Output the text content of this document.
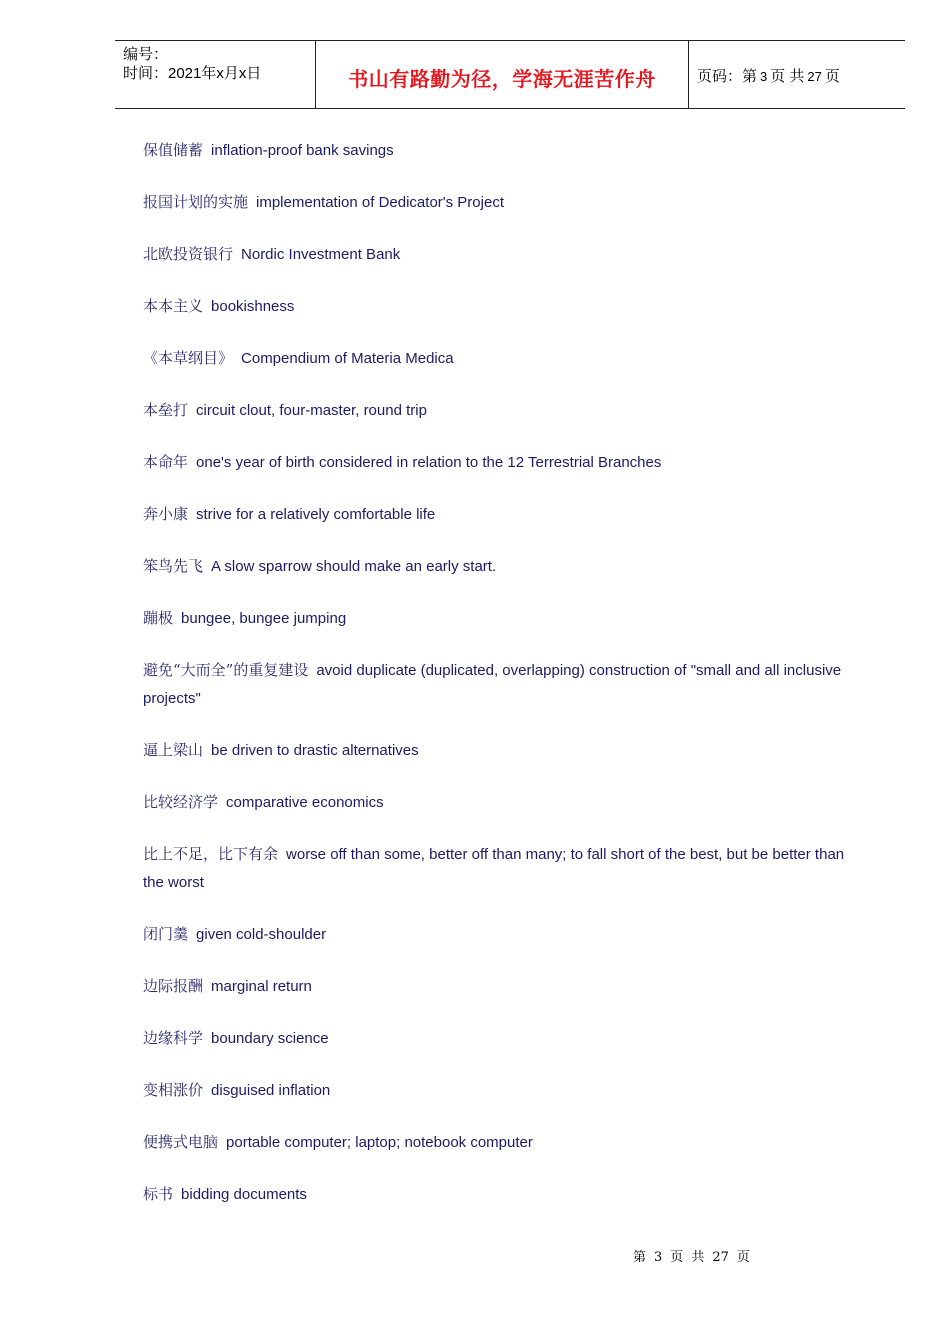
编号：
时间：2021年x月x日	书山有路勤为径，学海无涯苦作舟	页码：第 3 页 共 27 页
保值储蓄 inflation-proof bank savings
报国计划的实施 implementation of Dedicator's Project
北欧投资银行 Nordic Investment Bank
本本主义 bookishness
《本草纲目》 Compendium of Materia Medica
本垒打 circuit clout, four-master, round trip
本命年 one's year of birth considered in relation to the 12 Terrestrial Branches
奔小康 strive for a relatively comfortable life
笨鸟先飞 A slow sparrow should make an early start.
蹦极 bungee, bungee jumping
避免“大而全”的重复建设 avoid duplicate (duplicated, overlapping) construction of "small and all inclusive projects"
逼上梁山 be driven to drastic alternatives
比较经济学 comparative economics
比上不足，比下有余 worse off than some, better off than many; to fall short of the best, but be better than the worst
闭门羹 given cold-shoulder
边际报酬 marginal return
边缘科学 boundary science
变相涨价 disguised inflation
便携式电脑 portable computer; laptop; notebook computer
标书 bidding documents
第 3 页 共 27 页
